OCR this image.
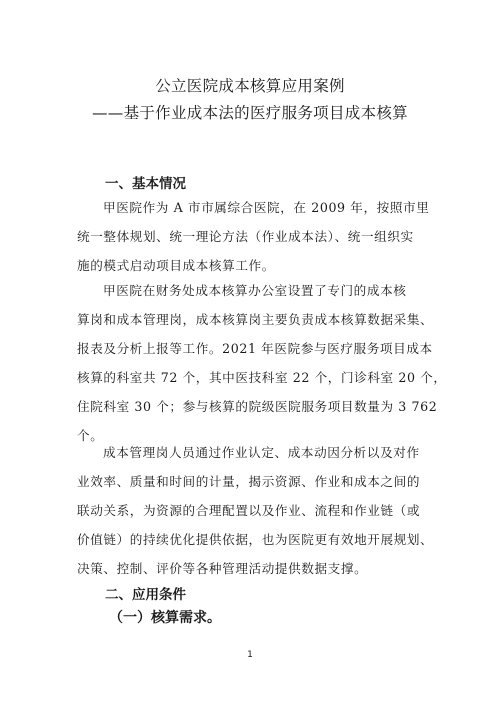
公立医院成本核算应用案例
——基于作业成本法的医疗服务项目成本核算
一、基本情况
甲医院作为 A 市市属综合医院，在 2009 年，按照市里
统一整体规划、统一理论方法（作业成本法）、统一组织实
施的模式启动项目成本核算工作。
甲医院在财务处成本核算办公室设置了专门的成本核
算岗和成本管理岗，成本核算岗主要负责成本核算数据采集、
报表及分析上报等工作。2021 年医院参与医疗服务项目成本
核算的科室共 72 个，其中医技科室 22 个，门诊科室 20 个，
住院科室 30 个；参与核算的院级医院服务项目数量为 3 762
个。
成本管理岗人员通过作业认定、成本动因分析以及对作
业效率、质量和时间的计量，揭示资源、作业和成本之间的
联动关系，为资源的合理配置以及作业、流程和作业链（或
价值链）的持续优化提供依据，也为医院更有效地开展规划、
决策、控制、评价等各种管理活动提供数据支撑。
二、应用条件
（一）核算需求。
1
